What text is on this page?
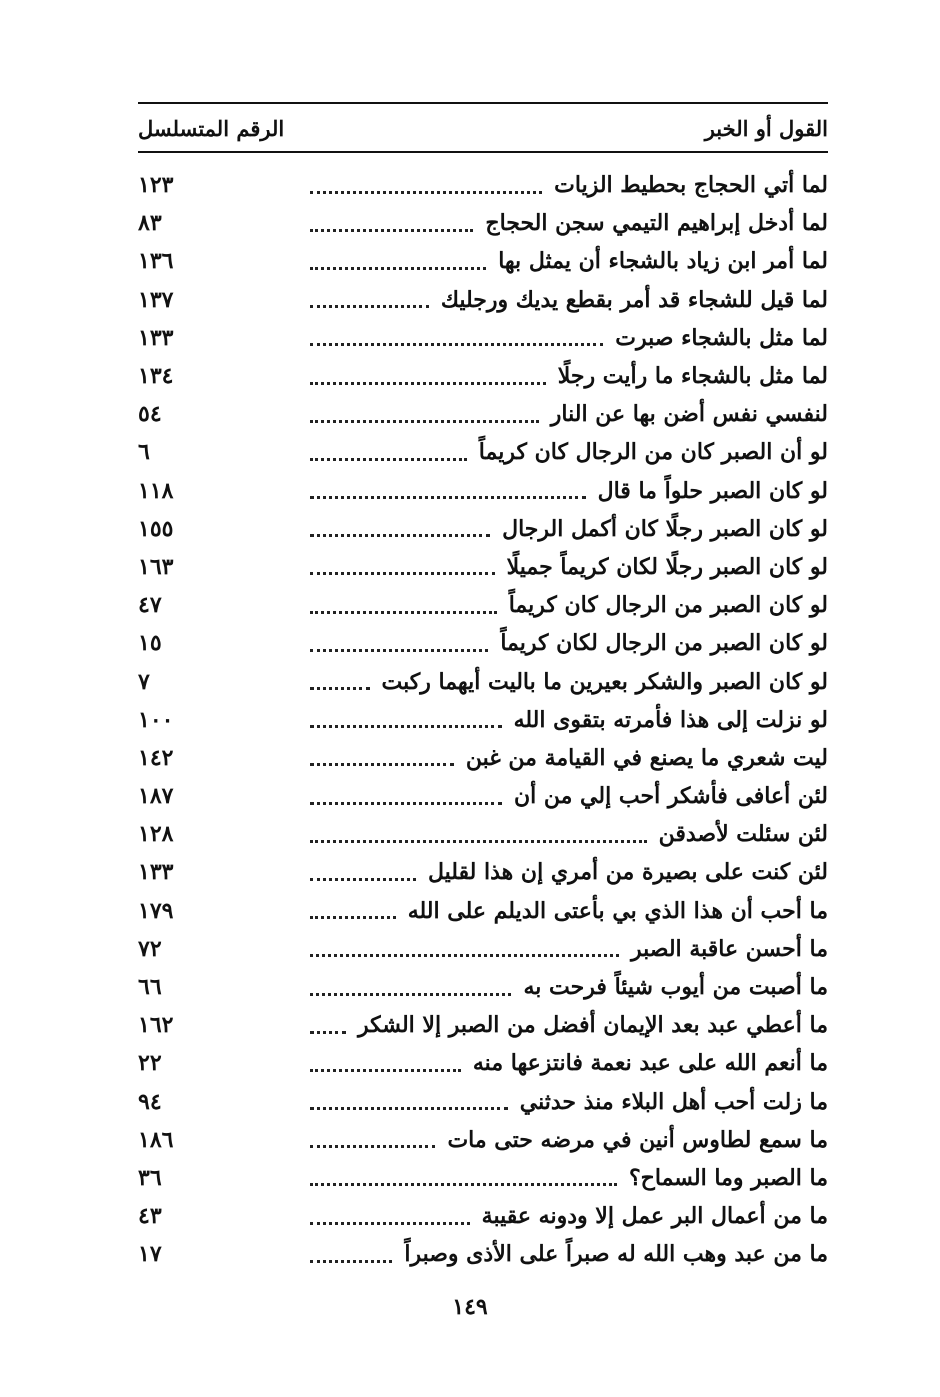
القول أو الخبر
الرقم المتسلسل
لما أتي الحجاج بحطيط الزيات
١٢٣
لما أدخل إبراهيم التيمي سجن الحجاج
٨٣
لما أمر ابن زياد بالشجاء أن يمثل بها
١٣٦
لما قيل للشجاء قد أمر بقطع يديك ورجليك
١٣٧
لما مثل بالشجاء صبرت
١٣٣
لما مثل بالشجاء ما رأيت رجلًا
١٣٤
لنفسي نفس أضن بها عن النار
٥٤
لو أن الصبر كان من الرجال كان كريماً
٦
لو كان الصبر حلواً ما قال
١١٨
لو كان الصبر رجلًا كان أكمل الرجال
١٥٥
لو كان الصبر رجلًا لكان كريماً جميلًا
١٦٣
لو كان الصبر من الرجال كان كريماً
٤٧
لو كان الصبر من الرجال لكان كريماً
١٥
لو كان الصبر والشكر بعيرين ما باليت أيهما ركبت
٧
لو نزلت إلى هذا فأمرته بتقوى الله
١٠٠
ليت شعري ما يصنع في القيامة من غبن
١٤٢
لئن أعافى فأشكر أحب إلي من أن
١٨٧
لئن سئلت لأصدقن
١٢٨
لئن كنت على بصيرة من أمري إن هذا لقليل
١٣٣
ما أحب أن هذا الذي بي بأعتى الديلم على الله
١٧٩
ما أحسن عاقبة الصبر
٧٢
ما أصبت من أيوب شيئاً فرحت به
٦٦
ما أعطي عبد بعد الإيمان أفضل من الصبر إلا الشكر
١٦٢
ما أنعم الله على عبد نعمة فانتزعها منه
٢٢
ما زلت أحب أهل البلاء منذ حدثني
٩٤
ما سمع لطاوس أنين في مرضه حتى مات
١٨٦
ما الصبر وما السماح؟
٣٦
ما من أعمال البر عمل إلا ودونه عقيبة
٤٣
ما من عبد وهب الله له صبراً على الأذى وصبراً
١٧
١٤٩
